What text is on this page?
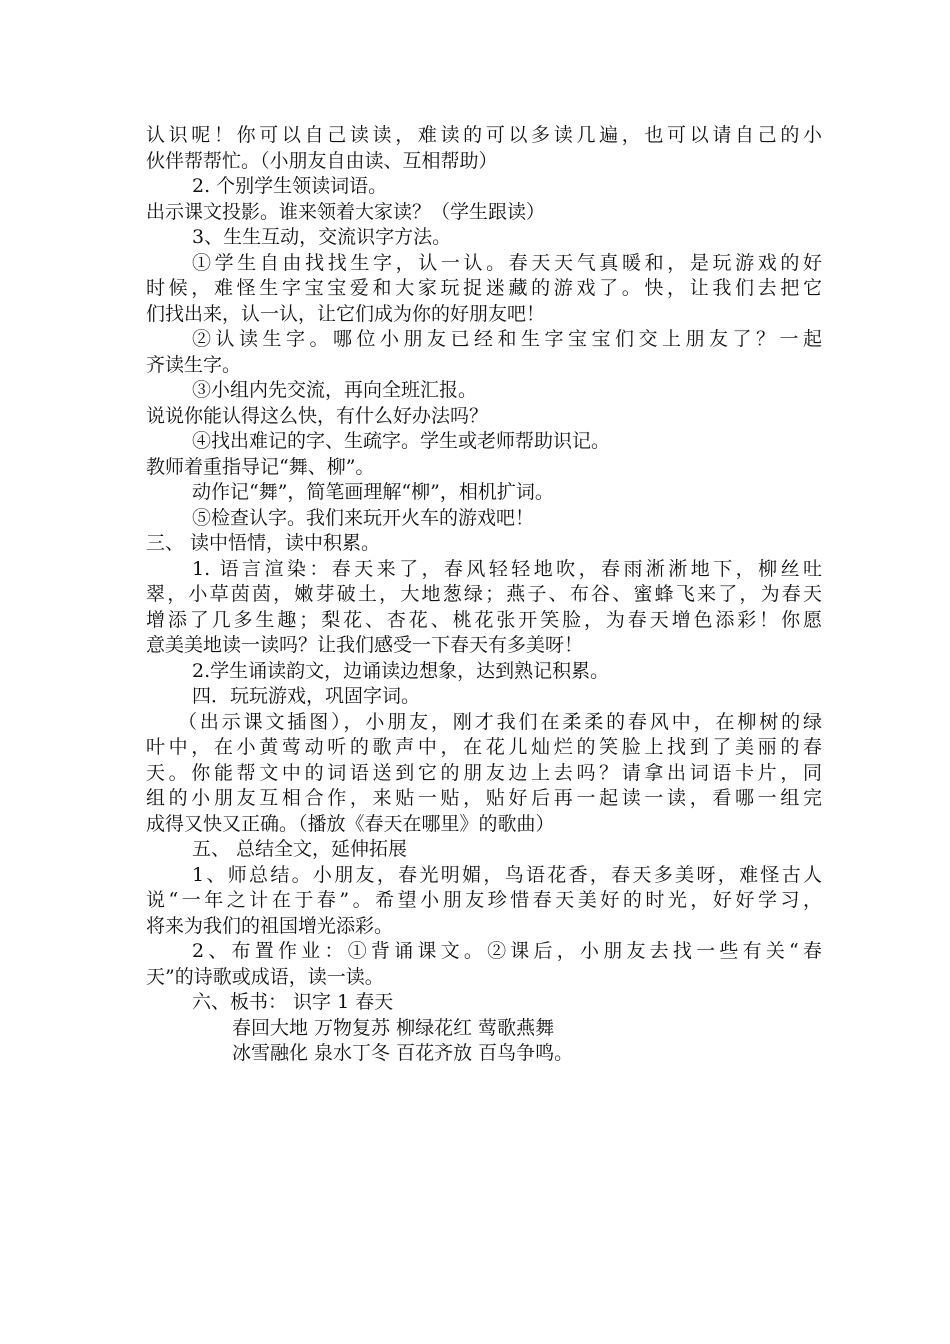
认识呢！你可以自己读读，难读的可以多读几遍，也可以请自己的小
伙伴帮帮忙。（小朋友自由读、互相帮助）
2. 个别学生领读词语。
出示课文投影。谁来领着大家读？（学生跟读）
3、生生互动，交流识字方法。
①学生自由找找生字，认一认。春天天气真暖和，是玩游戏的好
时候，难怪生字宝宝爱和大家玩捉迷藏的游戏了。快，让我们去把它
们找出来，认一认，让它们成为你的好朋友吧！
②认读生字。哪位小朋友已经和生字宝宝们交上朋友了？一起
齐读生字。
③小组内先交流，再向全班汇报。
说说你能认得这么快，有什么好办法吗？
④找出难记的字、生疏字。学生或老师帮助识记。
教师着重指导记“舞、柳”。
动作记“舞”，简笔画理解“柳”，相机扩词。
⑤检查认字。我们来玩开火车的游戏吧！
三、 读中悟情，读中积累。
1. 语言渲染：春天来了，春风轻轻地吹，春雨淅淅地下，柳丝吐
翠，小草茵茵，嫩芽破土，大地葱绿；燕子、布谷、蜜蜂飞来了，为春天
增添了几多生趣；梨花、杏花、桃花张开笑脸，为春天增色添彩！你愿
意美美地读一读吗？让我们感受一下春天有多美呀！
2.学生诵读韵文，边诵读边想象，达到熟记积累。
四．玩玩游戏，巩固字词。
（出示课文插图），小朋友，刚才我们在柔柔的春风中，在柳树的绿
叶中，在小黄莺动听的歌声中，在花儿灿烂的笑脸上找到了美丽的春
天。你能帮文中的词语送到它的朋友边上去吗？请拿出词语卡片，同
组的小朋友互相合作，来贴一贴，贴好后再一起读一读，看哪一组完
成得又快又正确。（播放《春天在哪里》的歌曲）
五、 总结全文，延伸拓展
1、师总结。小朋友，春光明媚，鸟语花香，春天多美呀，难怪古人
说“一年之计在于春”。希望小朋友珍惜春天美好的时光，好好学习，
将来为我们的祖国增光添彩。
2、布置作业：①背诵课文。②课后，小朋友去找一些有关“春
天”的诗歌或成语，读一读。
六、板书： 识字 1 春天
春回大地 万物复苏 柳绿花红 莺歌燕舞
冰雪融化 泉水丁冬 百花齐放 百鸟争鸣。
